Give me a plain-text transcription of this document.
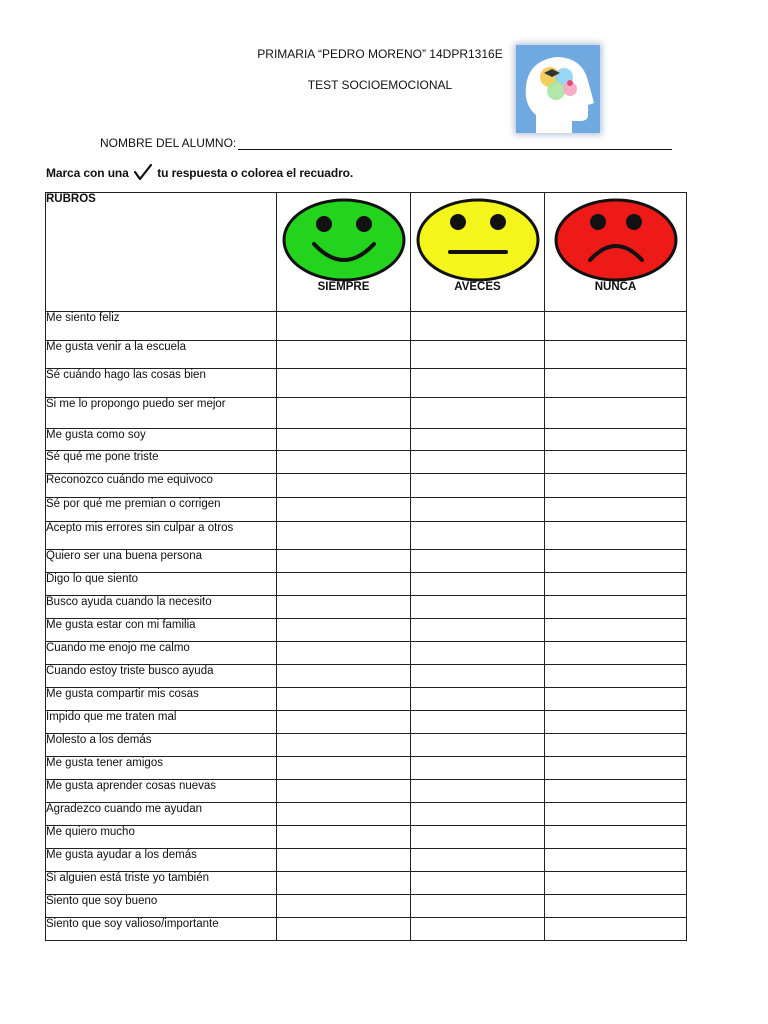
PRIMARIA “PEDRO MORENO” 14DPR1316E
TEST SOCIOEMOCIONAL
NOMBRE DEL ALUMNO:
Marca con una tu respuesta o colorea el recuadro.
RUBROS	SIEMPRE	AVECES	NUNCA

Me siento feliz			
Me gusta venir a la escuela			
Sé cuándo hago las cosas bien			
Si me lo propongo puedo ser mejor			
Me gusta como soy			
Sé qué me pone triste			
Reconozco cuándo me equivoco			
Sé por qué me premian o corrigen			
Acepto mis errores sin culpar a otros			
Quiero ser una buena persona			
Digo lo que siento			
Busco ayuda cuando la necesito			
Me gusta estar con mi familia			
Cuando me enojo me calmo			
Cuando estoy triste busco ayuda			
Me gusta compartir mis cosas			
Impido que me traten mal			
Molesto a los demás			
Me gusta tener amigos			
Me gusta aprender cosas nuevas			
Agradezco cuando me ayudan			
Me quiero mucho			
Me gusta ayudar a los demás			
Si alguien está triste yo también			
Siento que soy bueno			
Siento que soy valioso/importante			
